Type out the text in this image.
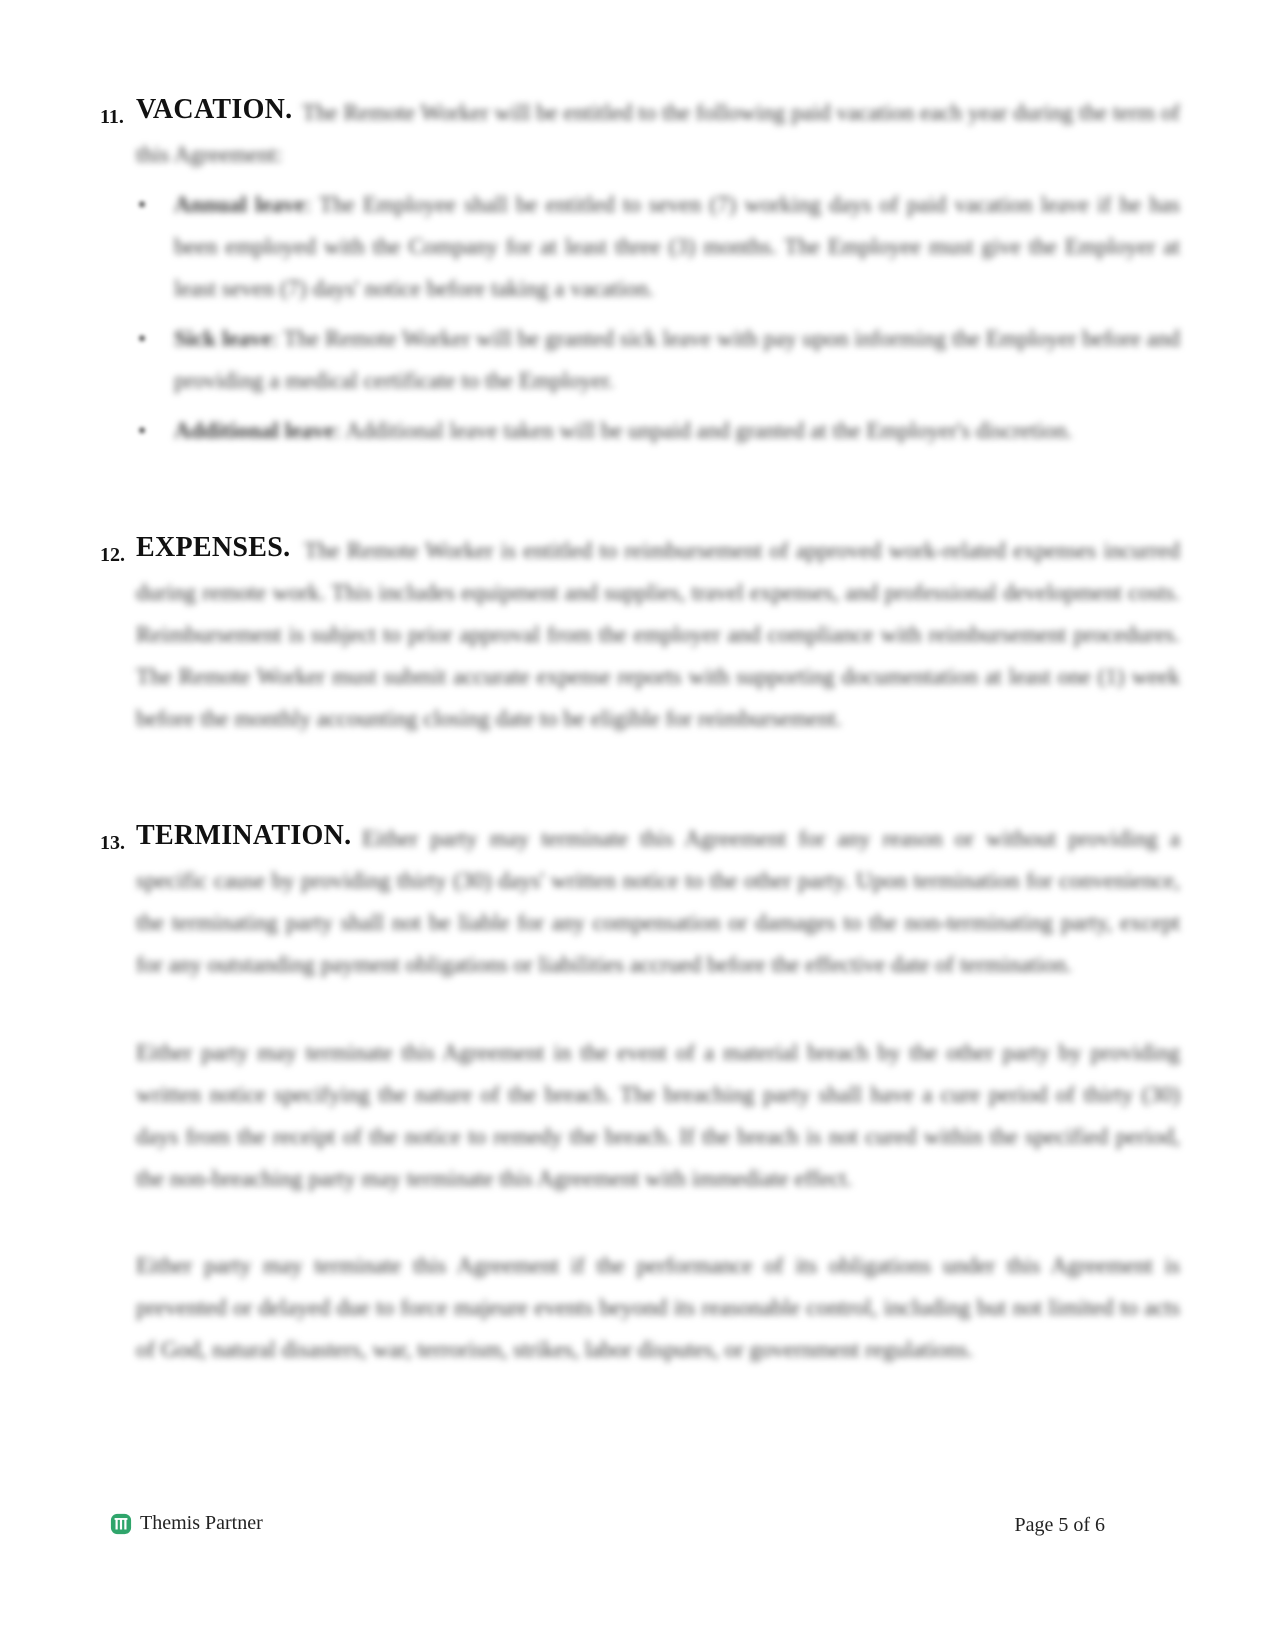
11. VACATION. The Remote Worker will be entitled to the following paid vacation each year during the term of this Agreement:
• Annual leave: The Employee shall be entitled to seven (7) working days of paid vacation leave if he has been employed with the Company for at least three (3) months. The Employee must give the Employer at least seven (7) days' notice before taking a vacation.
• Sick leave: The Remote Worker will be granted sick leave with pay upon informing the Employer before and providing a medical certificate to the Employer.
• Additional leave: Additional leave taken will be unpaid and granted at the Employer's discretion.
12. EXPENSES. The Remote Worker is entitled to reimbursement of approved work-related expenses incurred during remote work. This includes equipment and supplies, travel expenses, and professional development costs. Reimbursement is subject to prior approval from the employer and compliance with reimbursement procedures. The Remote Worker must submit accurate expense reports with supporting documentation at least one (1) week before the monthly accounting closing date to be eligible for reimbursement.
13. TERMINATION. Either party may terminate this Agreement for any reason or without providing a specific cause by providing thirty (30) days' written notice to the other party. Upon termination for convenience, the terminating party shall not be liable for any compensation or damages to the non-terminating party, except for any outstanding payment obligations or liabilities accrued before the effective date of termination.
Either party may terminate this Agreement in the event of a material breach by the other party by providing written notice specifying the nature of the breach. The breaching party shall have a cure period of thirty (30) days from the receipt of the notice to remedy the breach. If the breach is not cured within the specified period, the non-breaching party may terminate this Agreement with immediate effect.
Either party may terminate this Agreement if the performance of its obligations under this Agreement is prevented or delayed due to force majeure events beyond its reasonable control, including but not limited to acts of God, natural disasters, war, terrorism, strikes, labor disputes, or government regulations.
Themis Partner	Page 5 of 6
